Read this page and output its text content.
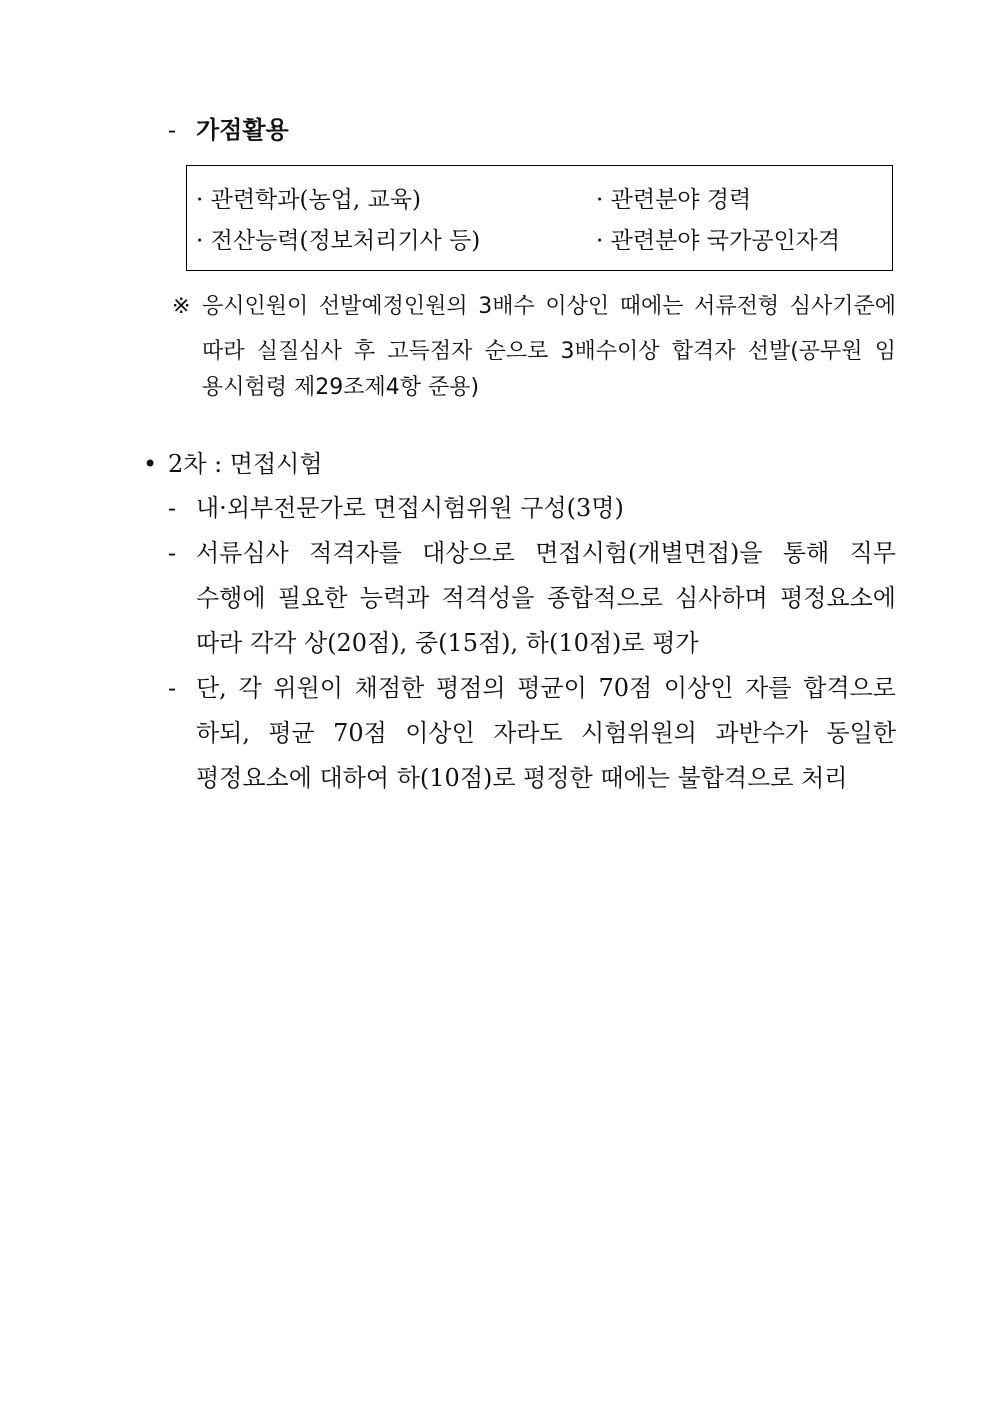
- 가점활용
· 관련학과(농업, 교육)	· 관련분야 경력
· 전산능력(정보처리기사 등)	· 관련분야 국가공인자격
※ 응시인원이 선발예정인원의 3배수 이상인 때에는 서류전형 심사기준에
따라 실질심사 후 고득점자 순으로 3배수이상 합격자 선발(공무원 임
용시험령 제29조제4항 준용)
• 2차 : 면접시험
- 내·외부전문가로 면접시험위원 구성(3명)
- 서류심사 적격자를 대상으로 면접시험(개별면접)을 통해 직무
수행에 필요한 능력과 적격성을 종합적으로 심사하며 평정요소에
따라 각각 상(20점), 중(15점), 하(10점)로 평가
- 단, 각 위원이 채점한 평점의 평균이 70점 이상인 자를 합격으로
하되, 평균 70점 이상인 자라도 시험위원의 과반수가 동일한
평정요소에 대하여 하(10점)로 평정한 때에는 불합격으로 처리
